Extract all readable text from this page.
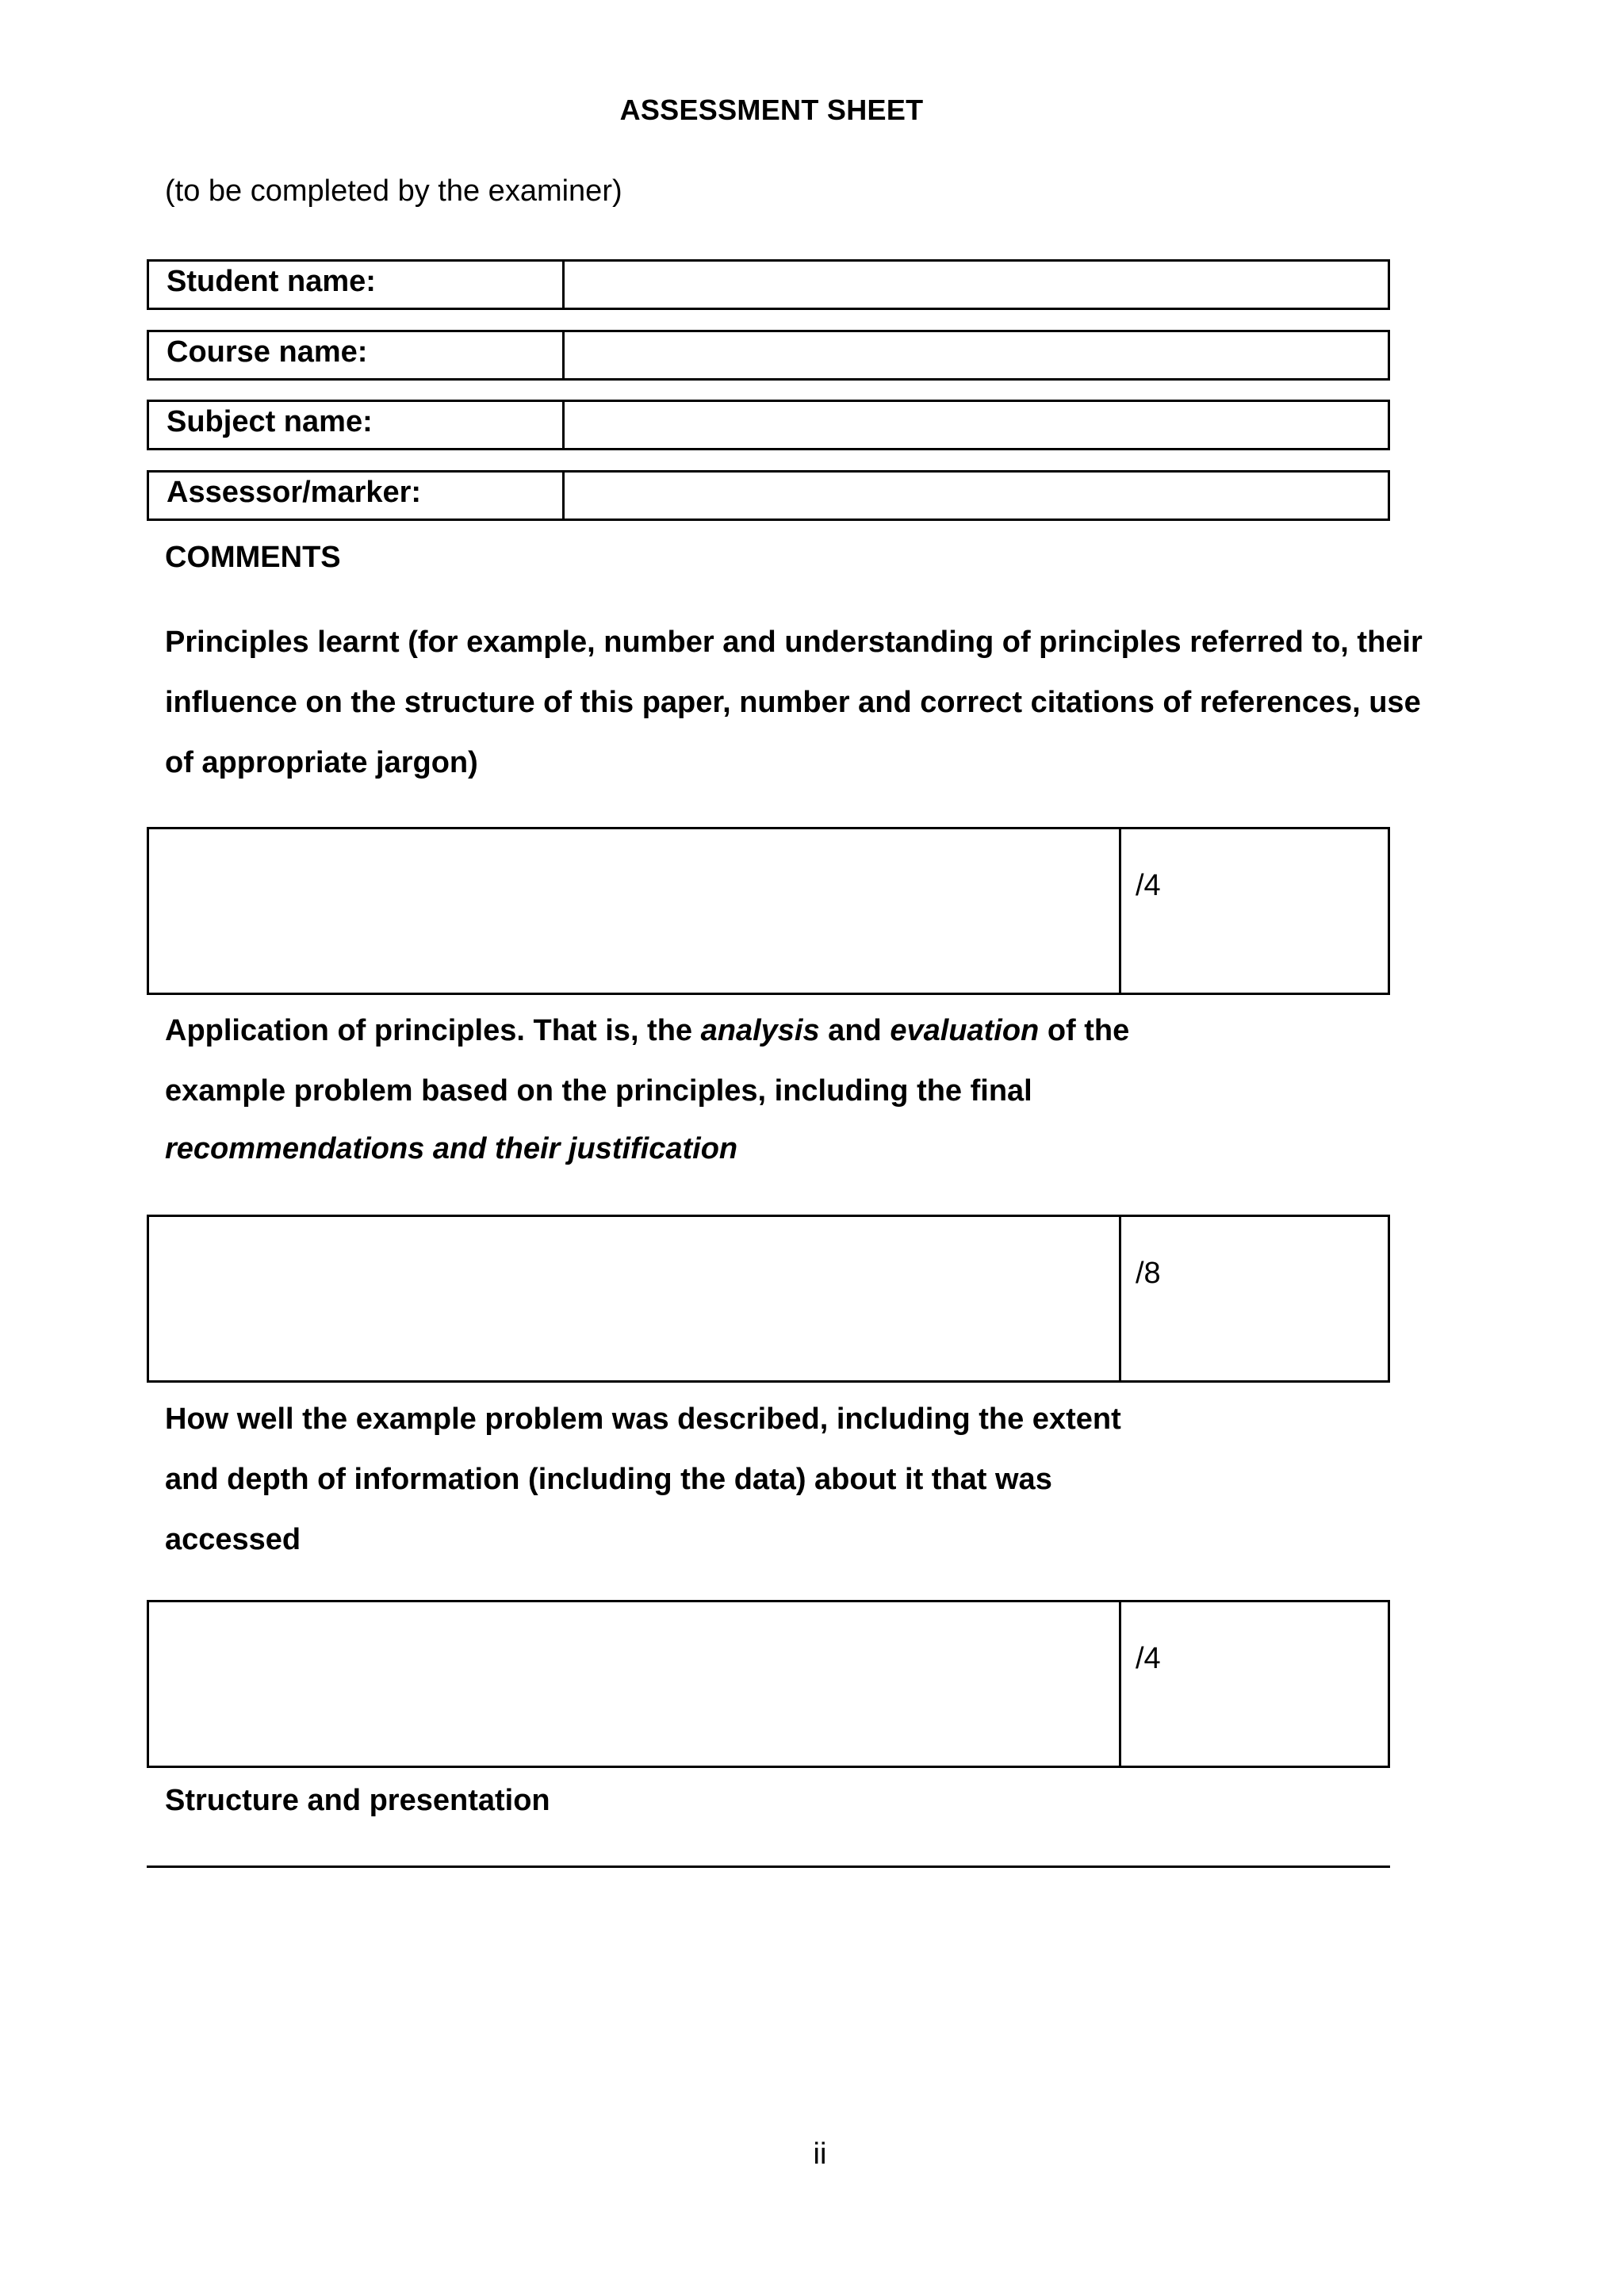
ASSESSMENT SHEET
(to be completed by the examiner)
Student name:
Course name:
Subject name:
Assessor/marker:
COMMENTS
Principles learnt (for example, number and understanding of principles referred to, their
influence on the structure of this paper, number and correct citations of references, use
of appropriate jargon)
/4
Application of principles. That is, the analysis and evaluation of the
example problem based on the principles, including the final
recommendations and their justification
/8
How well the example problem was described, including the extent
and depth of information (including the data) about it that was
accessed
/4
Structure and presentation
ii
